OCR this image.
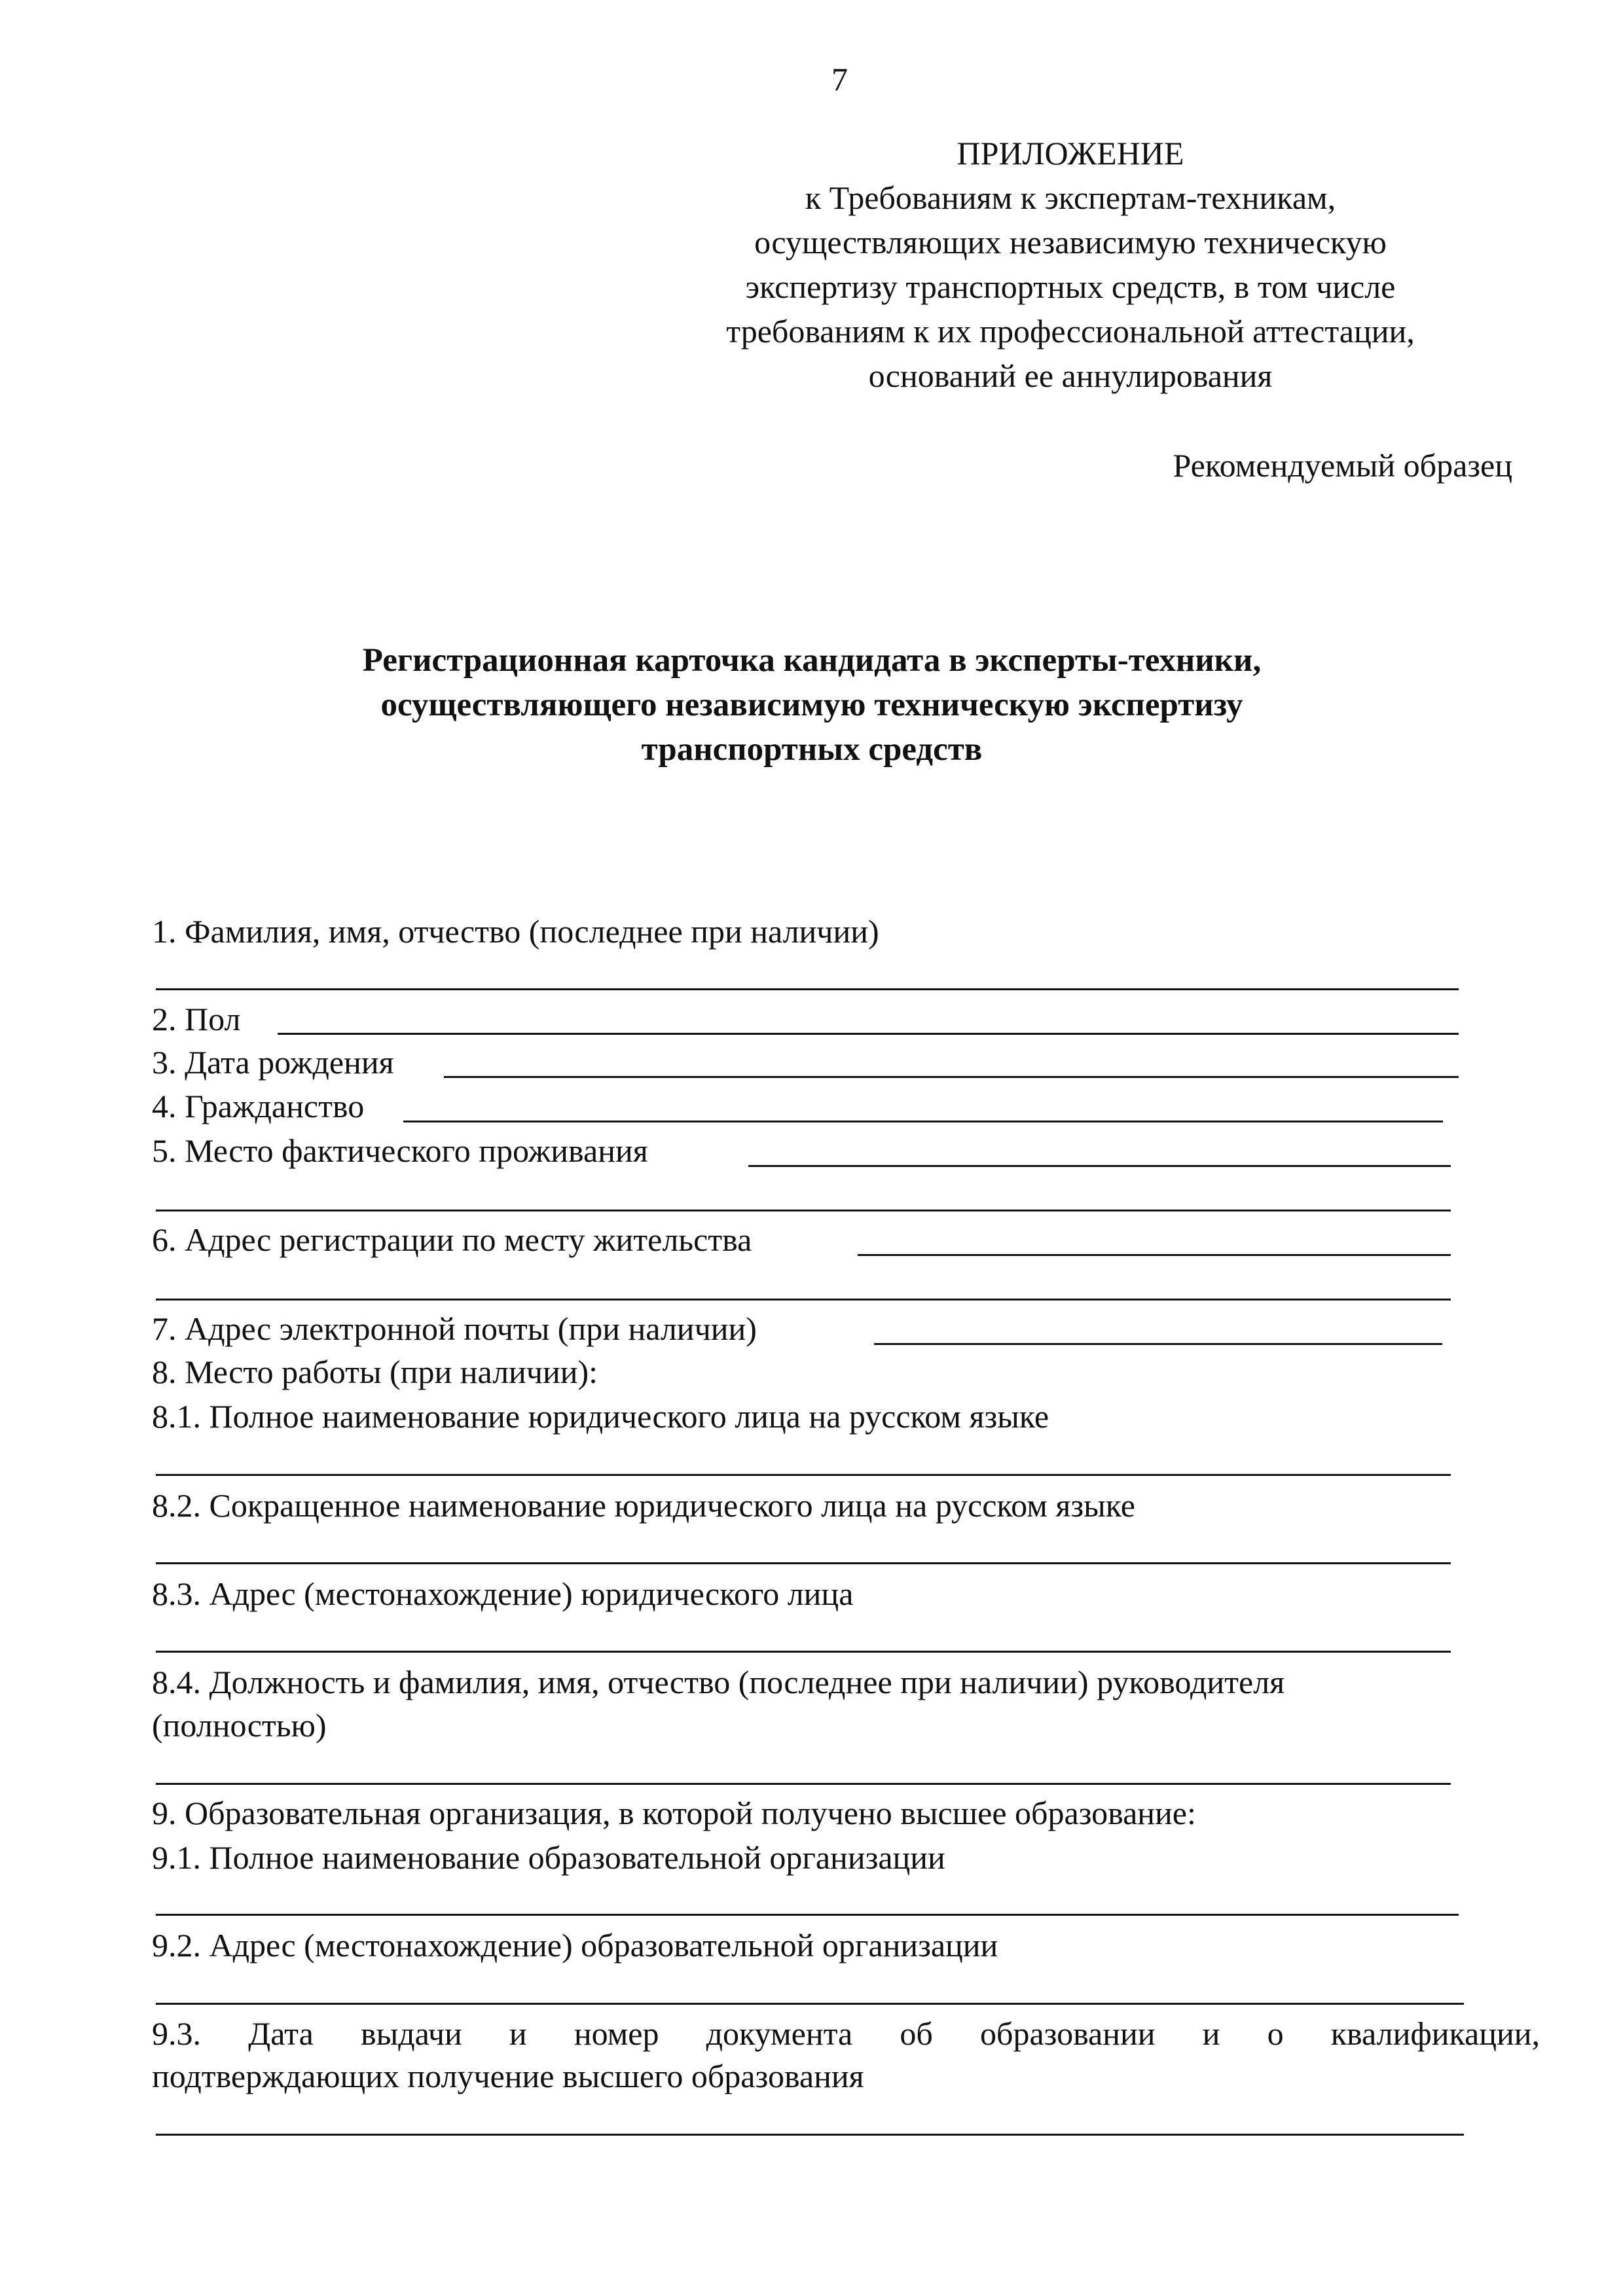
7
ПРИЛОЖЕНИЕ
к Требованиям к экспертам-техникам,
осуществляющих независимую техническую
экспертизу транспортных средств, в том числе
требованиям к их профессиональной аттестации,
оснований ее аннулирования
Рекомендуемый образец
Регистрационная карточка кандидата в эксперты-техники,
осуществляющего независимую техническую экспертизу
транспортных средств
1. Фамилия, имя, отчество (последнее при наличии)
2. Пол
3. Дата рождения
4. Гражданство
5. Место фактического проживания
6. Адрес регистрации по месту жительства
7. Адрес электронной почты (при наличии)
8. Место работы (при наличии):
8.1. Полное наименование юридического лица на русском языке
8.2. Сокращенное наименование юридического лица на русском языке
8.3. Адрес (местонахождение) юридического лица
8.4. Должность и фамилия, имя, отчество (последнее при наличии) руководителя
(полностью)
9. Образовательная организация, в которой получено высшее образование:
9.1. Полное наименование образовательной организации
9.2. Адрес (местонахождение) образовательной организации
9.3. Дата выдачи и номер документа об образовании и о квалификации,
подтверждающих получение высшего образования
